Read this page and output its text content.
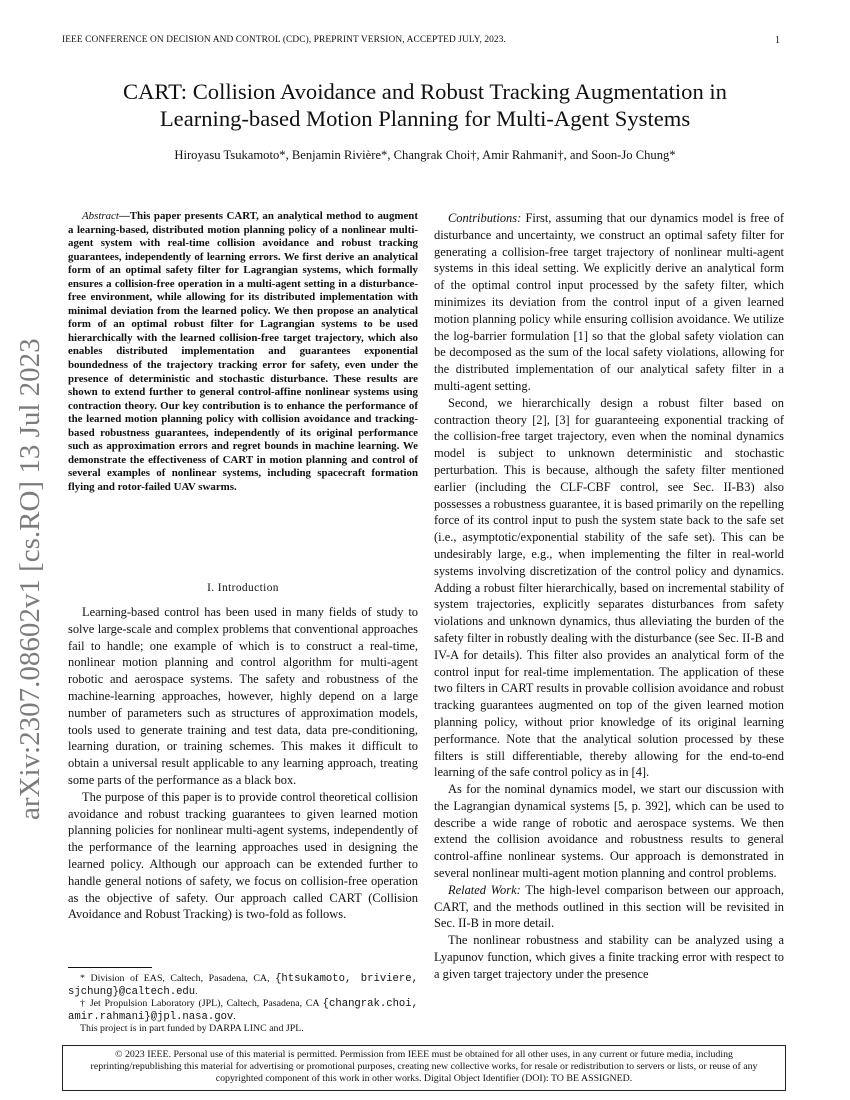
IEEE CONFERENCE ON DECISION AND CONTROL (CDC), PREPRINT VERSION, ACCEPTED JULY, 2023.	1
arXiv:2307.08602v1 [cs.RO] 13 Jul 2023
CART: Collision Avoidance and Robust Tracking Augmentation in
Learning-based Motion Planning for Multi-Agent Systems
Hiroyasu Tsukamoto*, Benjamin Rivière*, Changrak Choi†, Amir Rahmani†, and Soon-Jo Chung*
Abstract—This paper presents CART, an analytical method to augment a learning-based, distributed motion planning policy of a nonlinear multi-agent system with real-time collision avoidance and robust tracking guarantees, independently of learning errors. We first derive an analytical form of an optimal safety filter for Lagrangian systems, which formally ensures a collision-free operation in a multi-agent setting in a disturbance-free environment, while allowing for its distributed implementation with minimal deviation from the learned policy. We then propose an analytical form of an optimal robust filter for Lagrangian systems to be used hierarchically with the learned collision-free target trajectory, which also enables distributed implementation and guarantees exponential boundedness of the trajectory tracking error for safety, even under the presence of deterministic and stochastic disturbance. These results are shown to extend further to general control-affine nonlinear systems using contraction theory. Our key contribution is to enhance the performance of the learned motion planning policy with collision avoidance and tracking-based robustness guarantees, independently of its original performance such as approximation errors and regret bounds in machine learning. We demonstrate the effectiveness of CART in motion planning and control of several examples of nonlinear systems, including spacecraft formation flying and rotor-failed UAV swarms.
I. Introduction

Learning-based control has been used in many fields of study to solve large-scale and complex problems that conventional approaches fail to handle; one example of which is to construct a real-time, nonlinear motion planning and control algorithm for multi-agent robotic and aerospace systems. The safety and robustness of the machine-learning approaches, however, highly depend on a large number of parameters such as structures of approximation models, tools used to generate training and test data, data pre-conditioning, learning duration, or training schemes. This makes it difficult to obtain a universal result applicable to any learning approach, treating some parts of the performance as a black box.

The purpose of this paper is to provide control theoretical collision avoidance and robust tracking guarantees to given learned motion planning policies for nonlinear multi-agent systems, independently of the performance of the learning approaches used in designing the learned policy. Although our approach can be extended further to handle general notions of safety, we focus on collision-free operation as the objective of safety. Our approach called CART (Collision Avoidance and Robust Tracking) is two-fold as follows.

* Division of EAS, Caltech, Pasadena, CA, {htsukamoto, briviere, sjchung}@caltech.edu.

† Jet Propulsion Laboratory (JPL), Caltech, Pasadena, CA {changrak.choi, amir.rahmani}@jpl.nasa.gov.

This project is in part funded by DARPA LINC and JPL.

Contributions: First, assuming that our dynamics model is free of disturbance and uncertainty, we construct an optimal safety filter for generating a collision-free target trajectory of nonlinear multi-agent systems in this ideal setting. We explicitly derive an analytical form of the optimal control input processed by the safety filter, which minimizes its deviation from the control input of a given learned motion planning policy while ensuring collision avoidance. We utilize the log-barrier formulation [1] so that the global safety violation can be decomposed as the sum of the local safety violations, allowing for the distributed implementation of our analytical safety filter in a multi-agent setting.

Second, we hierarchically design a robust filter based on contraction theory [2], [3] for guaranteeing exponential tracking of the collision-free target trajectory, even when the nominal dynamics model is subject to unknown deterministic and stochastic perturbation. This is because, although the safety filter mentioned earlier (including the CLF-CBF control, see Sec. II-B3) also possesses a robustness guarantee, it is based primarily on the repelling force of its control input to push the system state back to the safe set (i.e., asymptotic/exponential stability of the safe set). This can be undesirably large, e.g., when implementing the filter in real-world systems involving discretization of the control policy and dynamics. Adding a robust filter hierarchically, based on incremental stability of system trajectories, explicitly separates disturbances from safety violations and unknown dynamics, thus alleviating the burden of the safety filter in robustly dealing with the disturbance (see Sec. II-B and IV-A for details). This filter also provides an analytical form of the control input for real-time implementation. The application of these two filters in CART results in provable collision avoidance and robust tracking guarantees augmented on top of the given learned motion planning policy, without prior knowledge of its original learning performance. Note that the analytical solution processed by these filters is still differentiable, thereby allowing for the end-to-end learning of the safe control policy as in [4].

As for the nominal dynamics model, we start our discussion with the Lagrangian dynamical systems [5, p. 392], which can be used to describe a wide range of robotic and aerospace systems. We then extend the collision avoidance and robustness results to general control-affine nonlinear systems. Our approach is demonstrated in several nonlinear multi-agent motion planning and control problems.

Related Work: The high-level comparison between our approach, CART, and the methods outlined in this section will be revisited in Sec. II-B in more detail.

The nonlinear robustness and stability can be analyzed using a Lyapunov function, which gives a finite tracking error with respect to a given target trajectory under the presence

© 2023 IEEE. Personal use of this material is permitted. Permission from IEEE must be obtained for all other uses, in any current or future media, including reprinting/republishing this material for advertising or promotional purposes, creating new collective works, for resale or redistribution to servers or lists, or reuse of any copyrighted component of this work in other works. Digital Object Identifier (DOI): TO BE ASSIGNED.
